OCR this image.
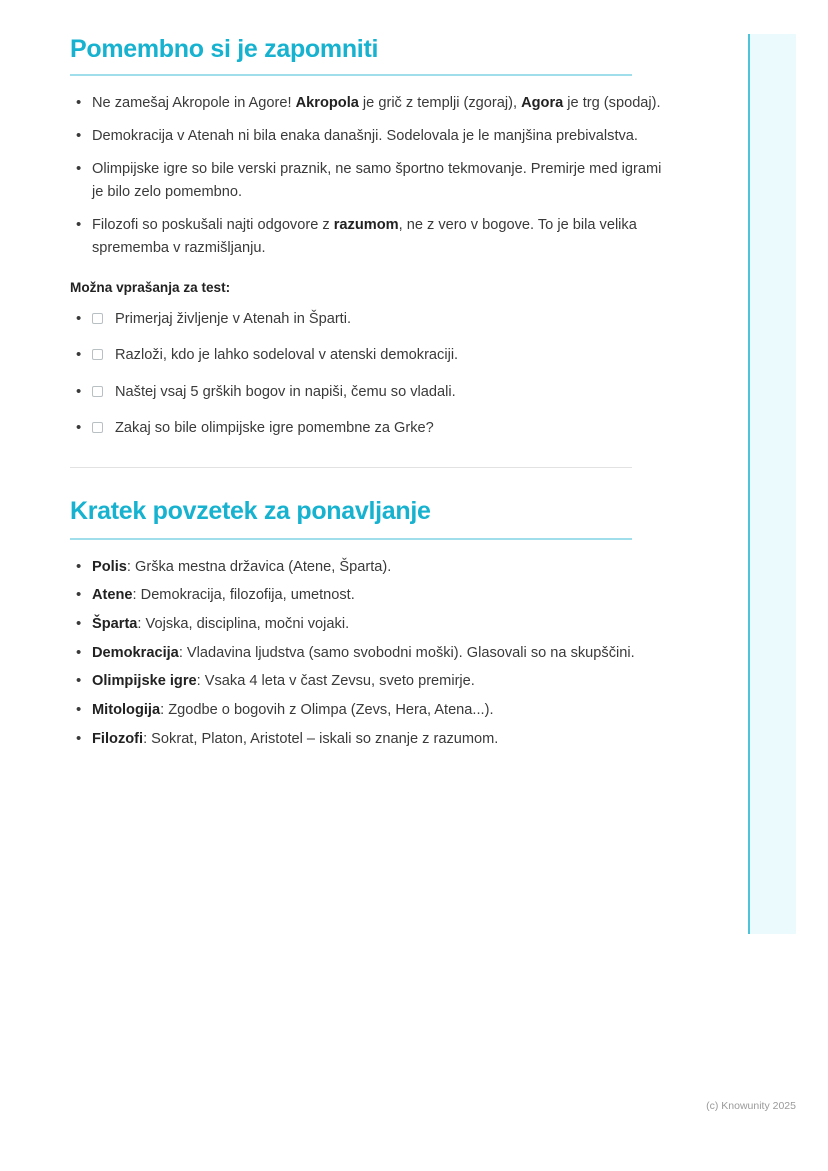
Pomembno si je zapomniti
• Ne zamešaj Akropole in Agore! Akropola je grič z templji (zgoraj), Agora je trg (spodaj).
• Demokracija v Atenah ni bila enaka današnji. Sodelovala je le manjšina prebivalstva.
• Olimpijske igre so bile verski praznik, ne samo športno tekmovanje. Premirje med igrami je bilo zelo pomembno.
• Filozofi so poskušali najti odgovore z razumom, ne z vero v bogove. To je bila velika sprememba v razmišljanju.
Možna vprašanja za test:
• Primerjaj življenje v Atenah in Šparti.
• Razloži, kdo je lahko sodeloval v atenski demokraciji.
• Naštej vsaj 5 grških bogov in napiši, čemu so vladali.
• Zakaj so bile olimpijske igre pomembne za Grke?
Kratek povzetek za ponavljanje
• Polis: Grška mestna državica (Atene, Šparta).
• Atene: Demokracija, filozofija, umetnost.
• Šparta: Vojska, disciplina, močni vojaki.
• Demokracija: Vladavina ljudstva (samo svobodni moški). Glasovali so na skupščini.
• Olimpijske igre: Vsaka 4 leta v čast Zevsu, sveto premirje.
• Mitologija: Zgodbe o bogovih z Olimpa (Zevs, Hera, Atena...).
• Filozofi: Sokrat, Platon, Aristotel – iskali so znanje z razumom.
(c) Knowunity 2025
